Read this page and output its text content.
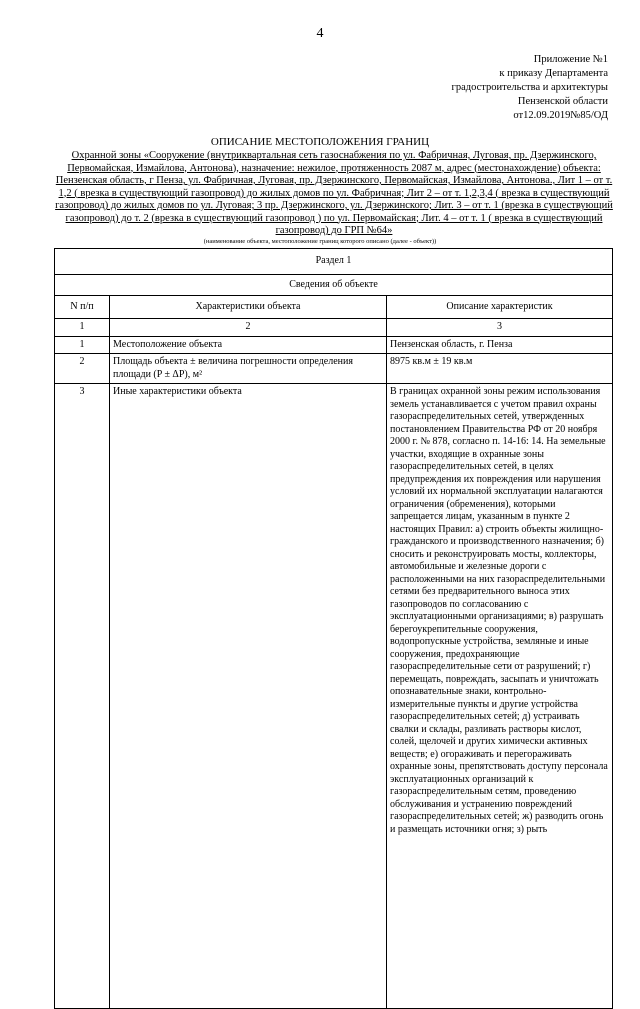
4
Приложение №1
к приказу Департамента
градостроительства и архитектуры
Пензенской области
от12.09.2019№85/ОД
ОПИСАНИЕ МЕСТОПОЛОЖЕНИЯ ГРАНИЦ
Охранной зоны «Сооружение (внутриквартальная сеть газоснабжения по ул. Фабричная, Луговая, пр. Дзержинского, Первомайская, Измайлова, Антонова), назначение: нежилое, протяженность 2087 м, адрес (местонахождение) объекта: Пензенская область, г Пенза, ул. Фабричная, Луговая, пр. Дзержинского, Первомайская, Измайлова, Антонова., Лит 1 – от т. 1,2 ( врезка в существующий газопровод) до жилых домов по ул. Фабричная; Лит 2 – от т. 1,2,3,4 ( врезка в существующий газопровод) до жилых домов по ул. Луговая; 3 пр. Дзержинского, ул. Дзержинского; Лит. 3 – от т. 1 (врезка в существующий газопровод) до т. 2 (врезка в существующий газопровод ) по ул. Первомайская; Лит. 4 – от т. 1 ( врезка в существующий газопровод) до ГРП №64»
(наименование объекта, местоположение границ которого описано (далее - объект))
Раздел 1		
Сведения об объекте		
N п/п	Характеристики объекта	Описание характеристик
1	2	3
1	Местоположение объекта	Пензенская область, г. Пенза
2	Площадь объекта ± величина погрешности определения площади (P ± ΔP), м²	8975 кв.м ± 19 кв.м
3	Иные характеристики объекта	В границах охранной зоны режим использования земель устанавливается с учетом правил охраны газораспределительных сетей, утвержденных постановлением Правительства РФ от 20 ноября 2000 г. № 878, согласно п. 14-16: 14. На земельные участки, входящие в охранные зоны газораспределительных сетей, в целях предупреждения их повреждения или нарушения условий их нормальной эксплуатации налагаются ограничения (обременения), которыми запрещается лицам, указанным в пункте 2 настоящих Правил: а) строить объекты жилищно-гражданского и производственного назначения; б) сносить и реконструировать мосты, коллекторы, автомобильные и железные дороги с расположенными на них газораспределительными сетями без предварительного выноса этих газопроводов по согласованию с эксплуатационными организациями; в) разрушать берегоукрепительные сооружения, водопропускные устройства, земляные и иные сооружения, предохраняющие газораспределительные сети от разрушений; г) перемещать, повреждать, засыпать и уничтожать опознавательные знаки, контрольно-измерительные пункты и другие устройства газораспределительных сетей; д) устраивать свалки и склады, разливать растворы кислот, солей, щелочей и других химически активных веществ; е) огораживать и перегораживать охранные зоны, препятствовать доступу персонала эксплуатационных организаций к газораспределительным сетям, проведению обслуживания и устранению повреждений газораспределительных сетей; ж) разводить огонь и размещать источники огня; з) рыть
